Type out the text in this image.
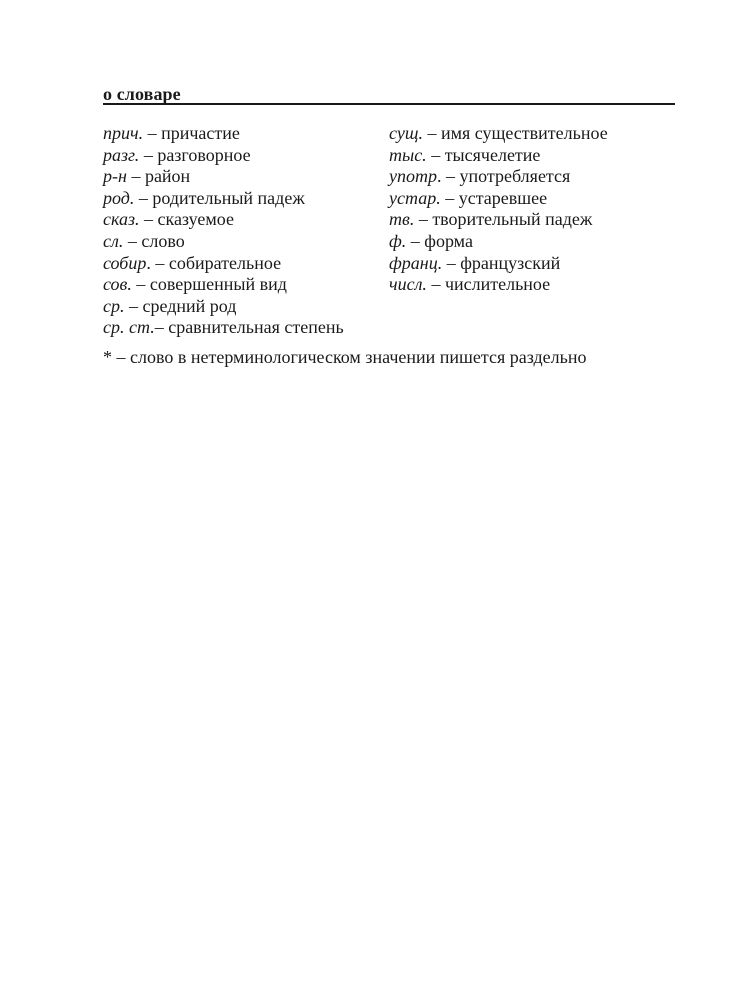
о словаре
прич. – причастие
разг. – разговорное
р-н – район
род. – родительный падеж
сказ. – сказуемое
сл. – слово
собир. – собирательное
сов. – совершенный вид
ср. – средний род
ср. ст.– сравнительная степень
сущ. – имя существительное
тыс. – тысячелетие
употр. – употребляется
устар. – устаревшее
тв. – творительный падеж
ф. – форма
франц. – французский
числ. – числительное
* – слово в нетерминологическом значении пишется раздельно
